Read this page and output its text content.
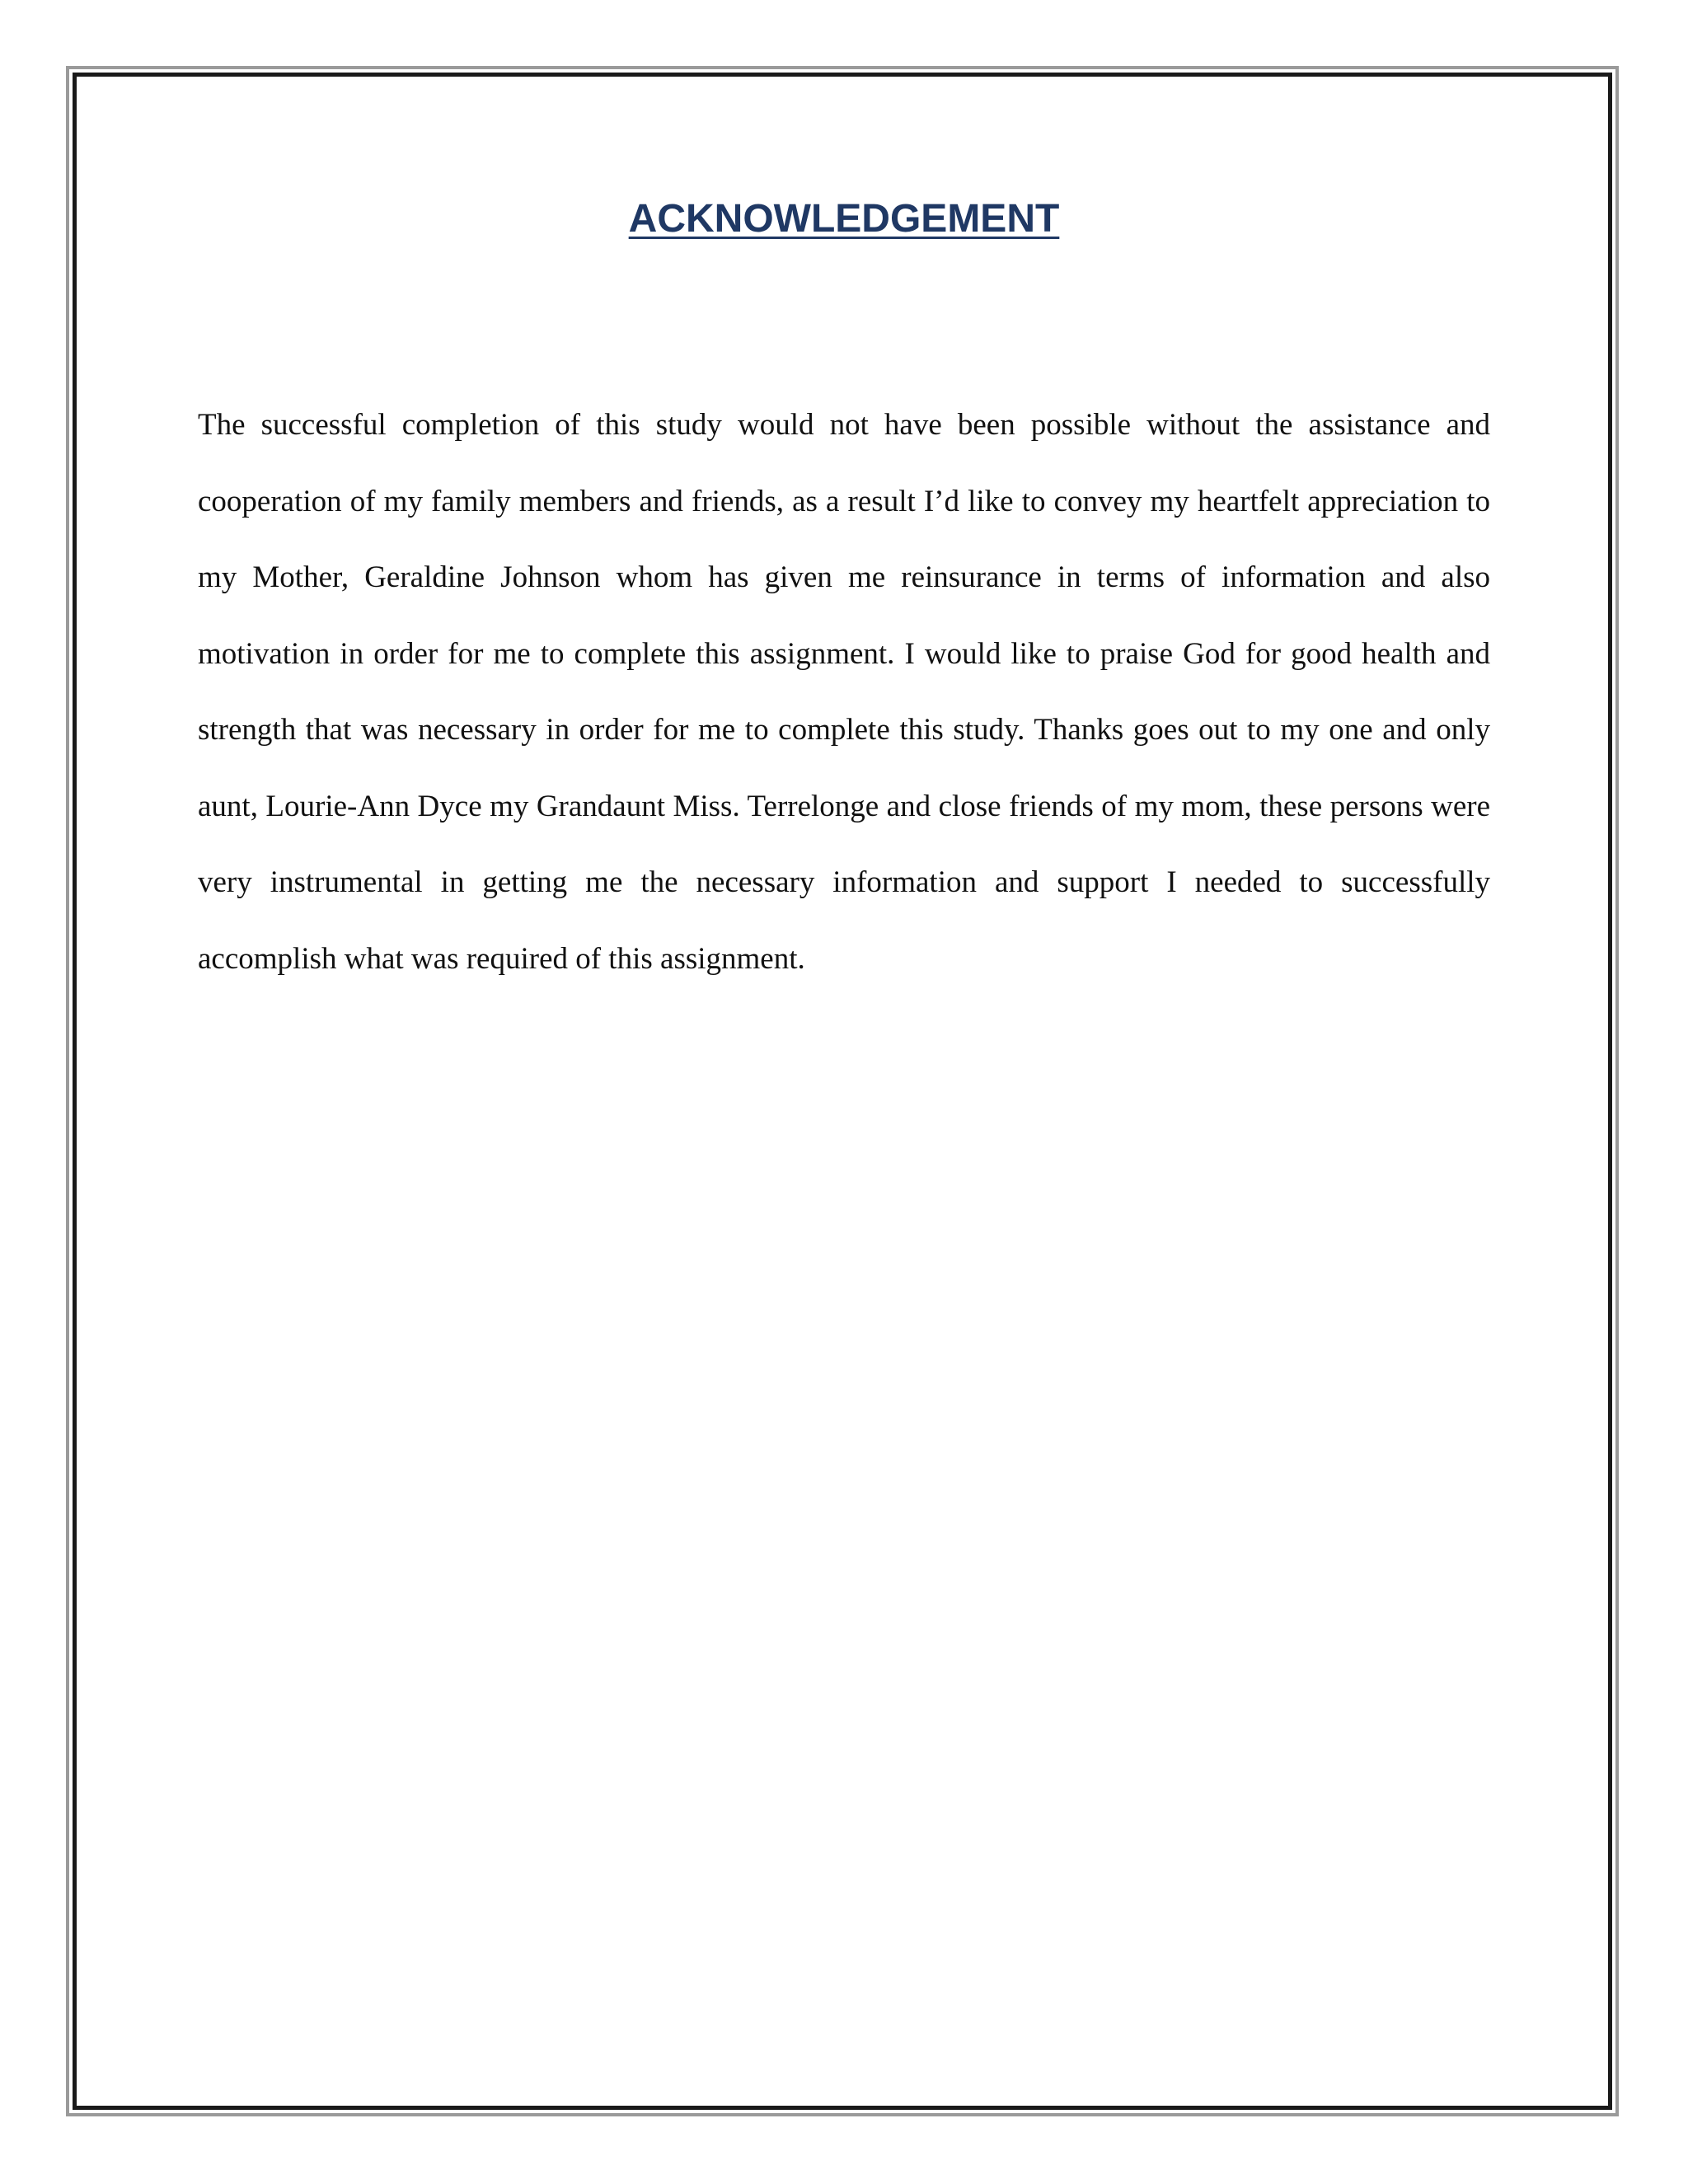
ACKNOWLEDGEMENT

The successful completion of this study would not have been possible without the assistance and cooperation of my family members and friends, as a result I’d like to convey my heartfelt appreciation to my Mother, Geraldine Johnson whom has given me reinsurance in terms of information and also motivation in order for me to complete this assignment. I would like to praise God for good health and strength that was necessary in order for me to complete this study. Thanks goes out to my one and only aunt, Lourie-Ann Dyce my Grandaunt Miss. Terrelonge and close friends of my mom, these persons were very instrumental in getting me the necessary information and support I needed to successfully accomplish what was required of this assignment.
